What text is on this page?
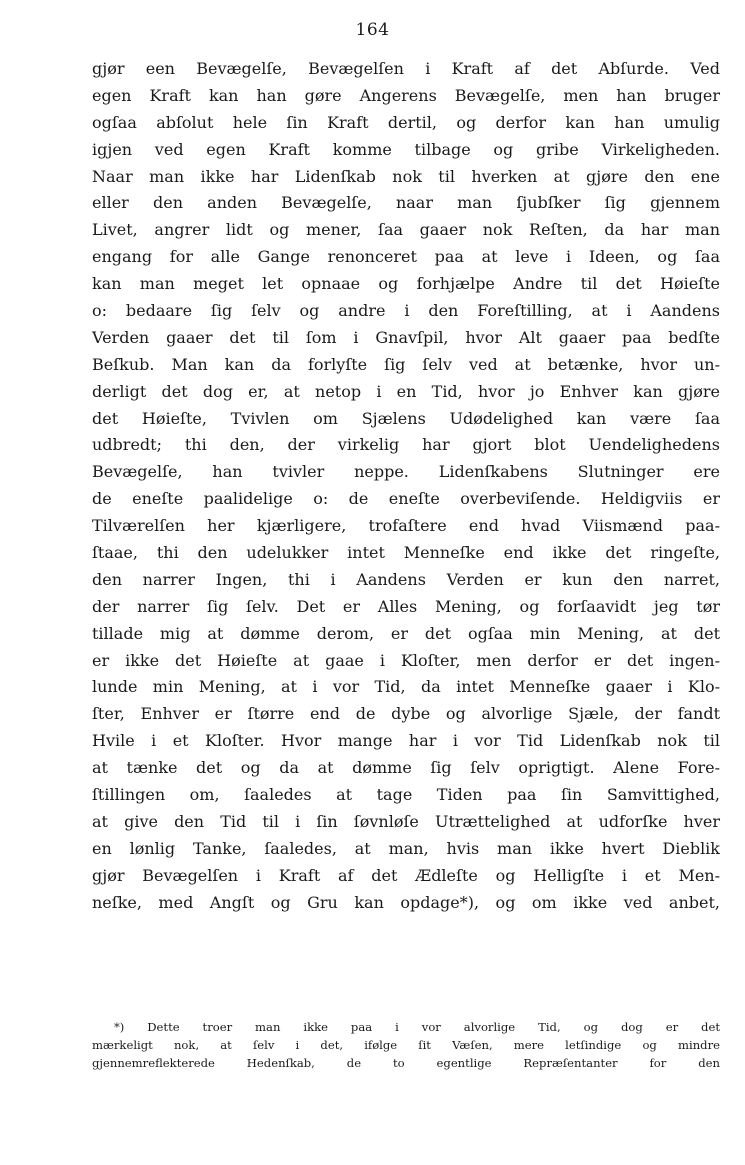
164
gjør een Bevægelſe, Bevægelſen i Kraft af det Abſurde. Ved
egen Kraft kan han gøre Angerens Bevægelſe, men han bruger
ogſaa abſolut hele ſin Kraft dertil, og derfor kan han umulig
igjen ved egen Kraft komme tilbage og gribe Virkeligheden.
Naar man ikke har Lidenſkab nok til hverken at gjøre den ene
eller den anden Bevægelſe, naar man ſjubſker ſig gjennem
Livet, angrer lidt og mener, ſaa gaaer nok Reſten, da har man
engang for alle Gange renonceret paa at leve i Ideen, og ſaa
kan man meget let opnaae og forhjælpe Andre til det Høieſte
o: bedaare ſig ſelv og andre i den Foreſtilling, at i Aandens
Verden gaaer det til ſom i Gnavſpil, hvor Alt gaaer paa bedſte
Beſkub. Man kan da forlyſte ſig ſelv ved at betænke, hvor un-
derligt det dog er, at netop i en Tid, hvor jo Enhver kan gjøre
det Høieſte, Tvivlen om Sjælens Udødelighed kan være ſaa
udbredt; thi den, der virkelig har gjort blot Uendelighedens
Bevægelſe, han tvivler neppe. Lidenſkabens Slutninger ere
de eneſte paalidelige o: de eneſte overbeviſende. Heldigviis er
Tilværelſen her kjærligere, trofaſtere end hvad Viismænd paa-
ſtaae, thi den udelukker intet Menneſke end ikke det ringeſte,
den narrer Ingen, thi i Aandens Verden er kun den narret,
der narrer ſig ſelv. Det er Alles Mening, og forſaavidt jeg tør
tillade mig at dømme derom, er det ogſaa min Mening, at det
er ikke det Høieſte at gaae i Kloſter, men derfor er det ingen-
lunde min Mening, at i vor Tid, da intet Menneſke gaaer i Klo-
ſter, Enhver er ſtørre end de dybe og alvorlige Sjæle, der fandt
Hvile i et Kloſter. Hvor mange har i vor Tid Lidenſkab nok til
at tænke det og da at dømme ſig ſelv oprigtigt. Alene Fore-
ſtillingen om, ſaaledes at tage Tiden paa ſin Samvittighed,
at give den Tid til i ſin ſøvnløſe Utrættelighed at udforſke hver
en lønlig Tanke, ſaaledes, at man, hvis man ikke hvert Dieblik
gjør Bevægelſen i Kraft af det Ædleſte og Helligſte i et Men-
neſke, med Angſt og Gru kan opdage*), og om ikke ved anbet,
*) Dette troer man ikke paa i vor alvorlige Tid, og dog er det
mærkeligt nok, at ſelv i det, ifølge ſit Væſen, mere letſindige og mindre
gjennemreflekterede Hedenſkab, de to egentlige Repræſentanter for den
